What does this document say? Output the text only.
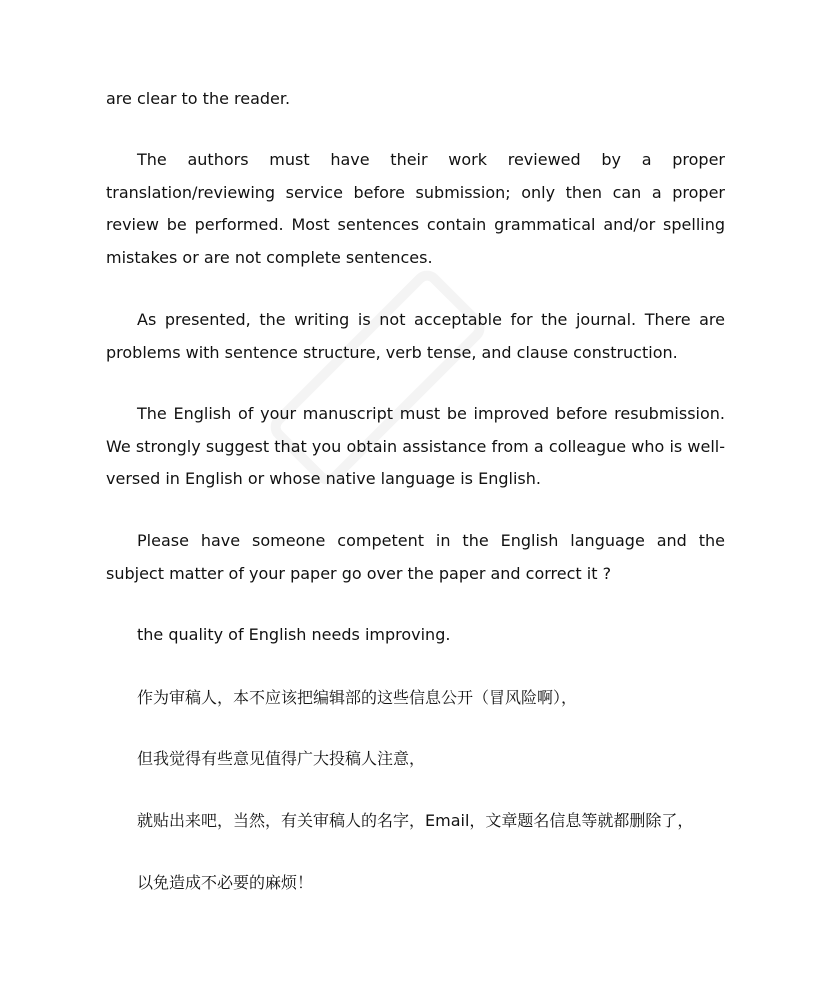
are clear to the reader.

The authors must have their work reviewed by a proper translation/reviewing service before submission; only then can a proper review be performed. Most sentences contain grammatical and/or spelling mistakes or are not complete sentences.

As presented, the writing is not acceptable for the journal. There are problems with sentence structure, verb tense, and clause construction.

The English of your manuscript must be improved before resubmission. We strongly suggest that you obtain assistance from a colleague who is well-versed in English or whose native language is English.

Please have someone competent in the English language and the subject matter of your paper go over the paper and correct it ?

the quality of English needs improving.

作为审稿人，本不应该把编辑部的这些信息公开（冒风险啊），

但我觉得有些意见值得广大投稿人注意，

就贴出来吧，当然，有关审稿人的名字，Email，文章题名信息等就都删除了，

以免造成不必要的麻烦！
